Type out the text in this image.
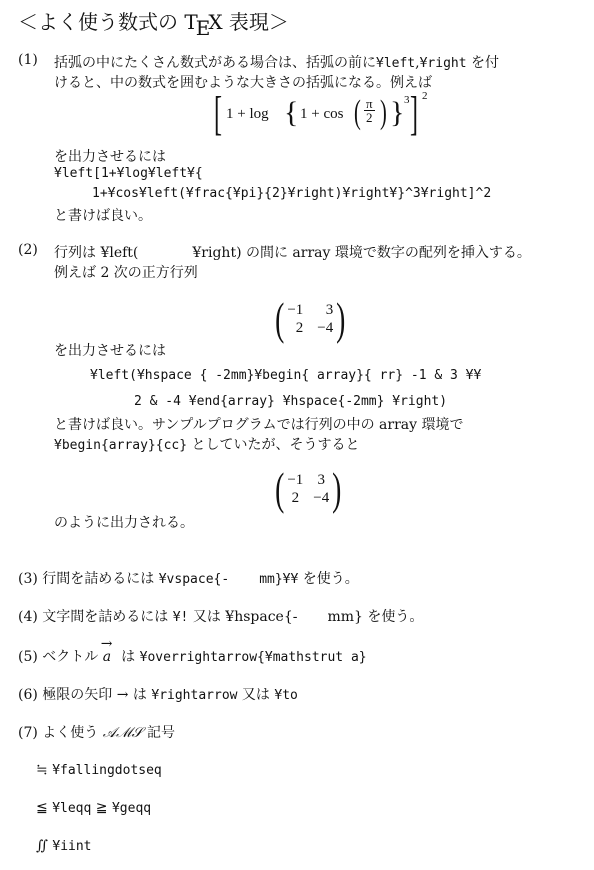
＜よく使う数式の TEX 表現＞
(1) 括弧の中にたくさん数式がある場合は、括弧の前に¥left,¥right を付
けると、中の数式を囲むような大きさの括弧になる。例えば
[ 1 + log { 1 + cos ( $\frac{\pi}{2}$ ) } 3 ] 2
を出力させるには
¥left[1+¥log¥left¥{
1+¥cos¥left(¥frac{¥pi}{2}¥right)¥right¥}^3¥right]^2
と書けば良い。
(2) 行列は ¥left(	¥right) の間に array 環境で数字の配列を挿入する。
例えば 2 次の正方行列
( −1	3
2 −4 )
を出力させるには
¥left(¥hspace { -2mm}¥begin{ array}{ rr} -1 & 3 ¥¥
2 & -4 ¥end{array} ¥hspace{-2mm} ¥right)
と書けば良い。サンプルプログラムでは行列の中の array 環境で
¥begin{array}{cc} としていたが、そうすると
( −1 3
2 −4 )
のように出力される。
(3) 行間を詰めるには ¥vspace{- mm}¥¥ を使う。
(4) 文字間を詰めるには ¥! 又は ¥hspace{- mm} を使う。
(5) ベクトル
→
a は ¥overrightarrow{¥mathstrut a}
(6) 極限の矢印 → は ¥rightarrow 又は ¥to
(7) よく使う 𝒜ℳ𝒮 記号
≒ ¥fallingdotseq
≦ ¥leqq ≧ ¥geqq
∬ ¥iint
